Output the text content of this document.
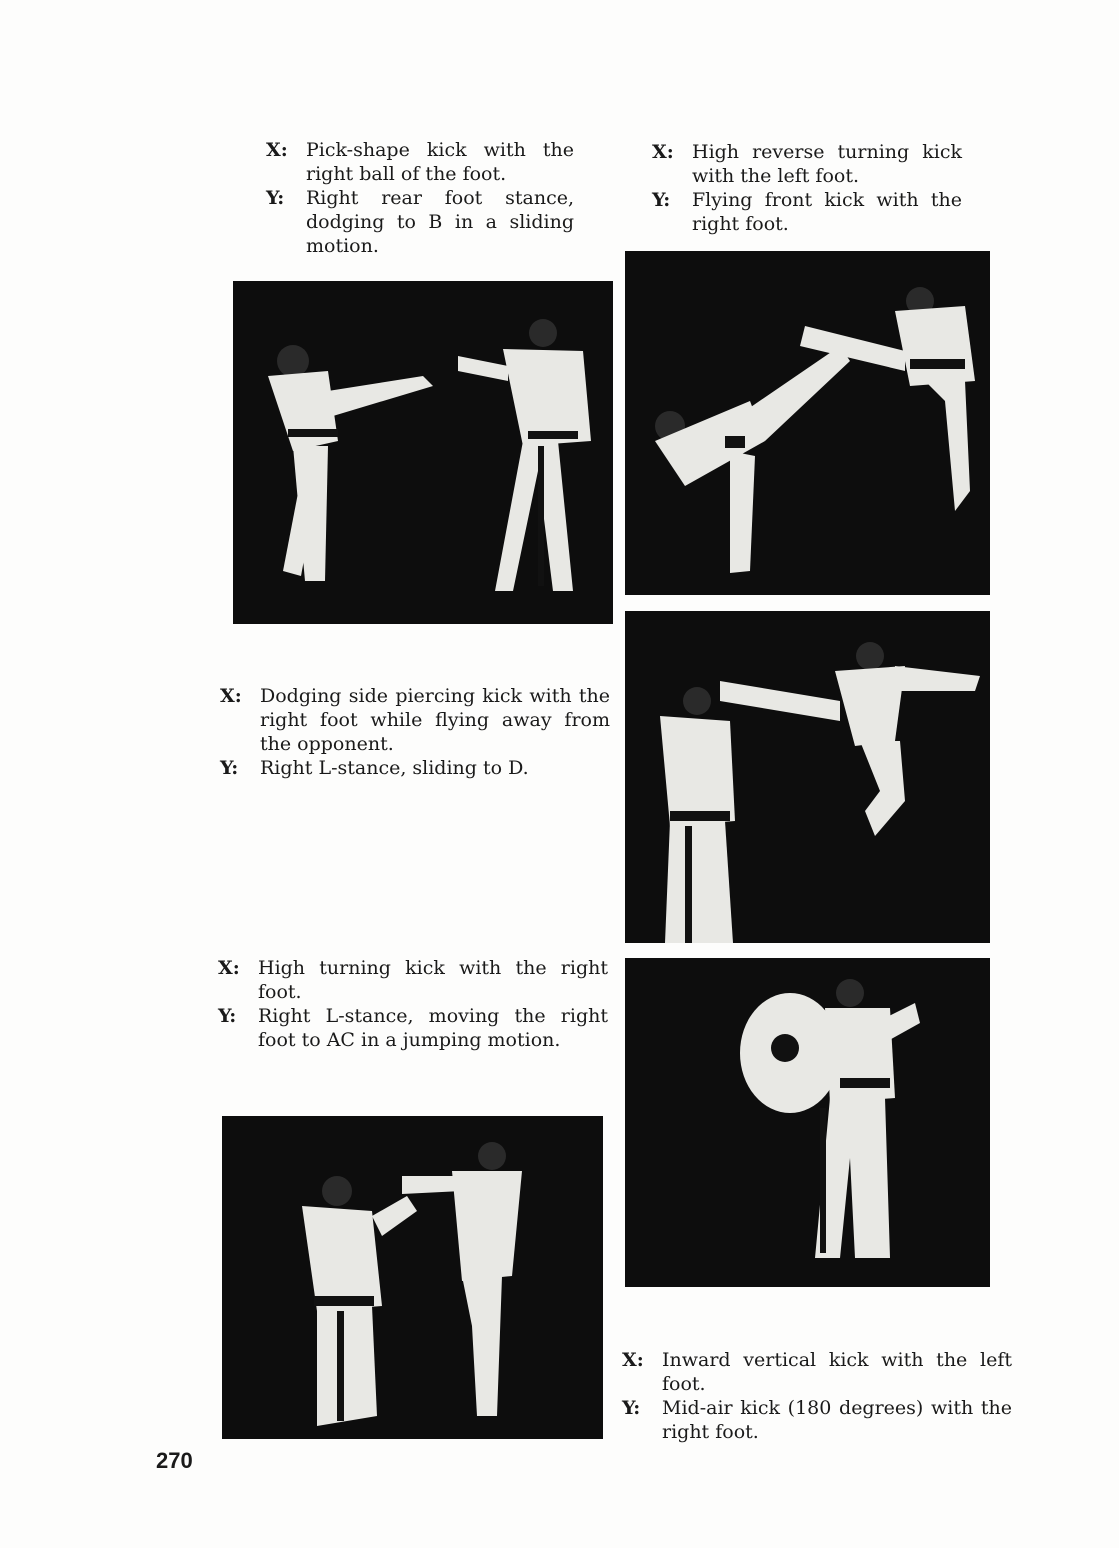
X: Pick-shape kick with the right ball of the foot.
Y:	Right rear foot stance, dodging to B in a sliding motion.
X: High reverse turning kick with the left foot.
Y:	Flying front kick with the right foot.
X: Dodging side piercing kick with the right foot while flying away from the opponent.
Y:	Right L-stance, sliding to D.
X: High turning kick with the right foot.
Y:	Right L-stance, moving the right foot to AC in a jumping motion.
X: Inward vertical kick with the left foot.
Y:	Mid-air kick (180 degrees) with the right foot.
270
